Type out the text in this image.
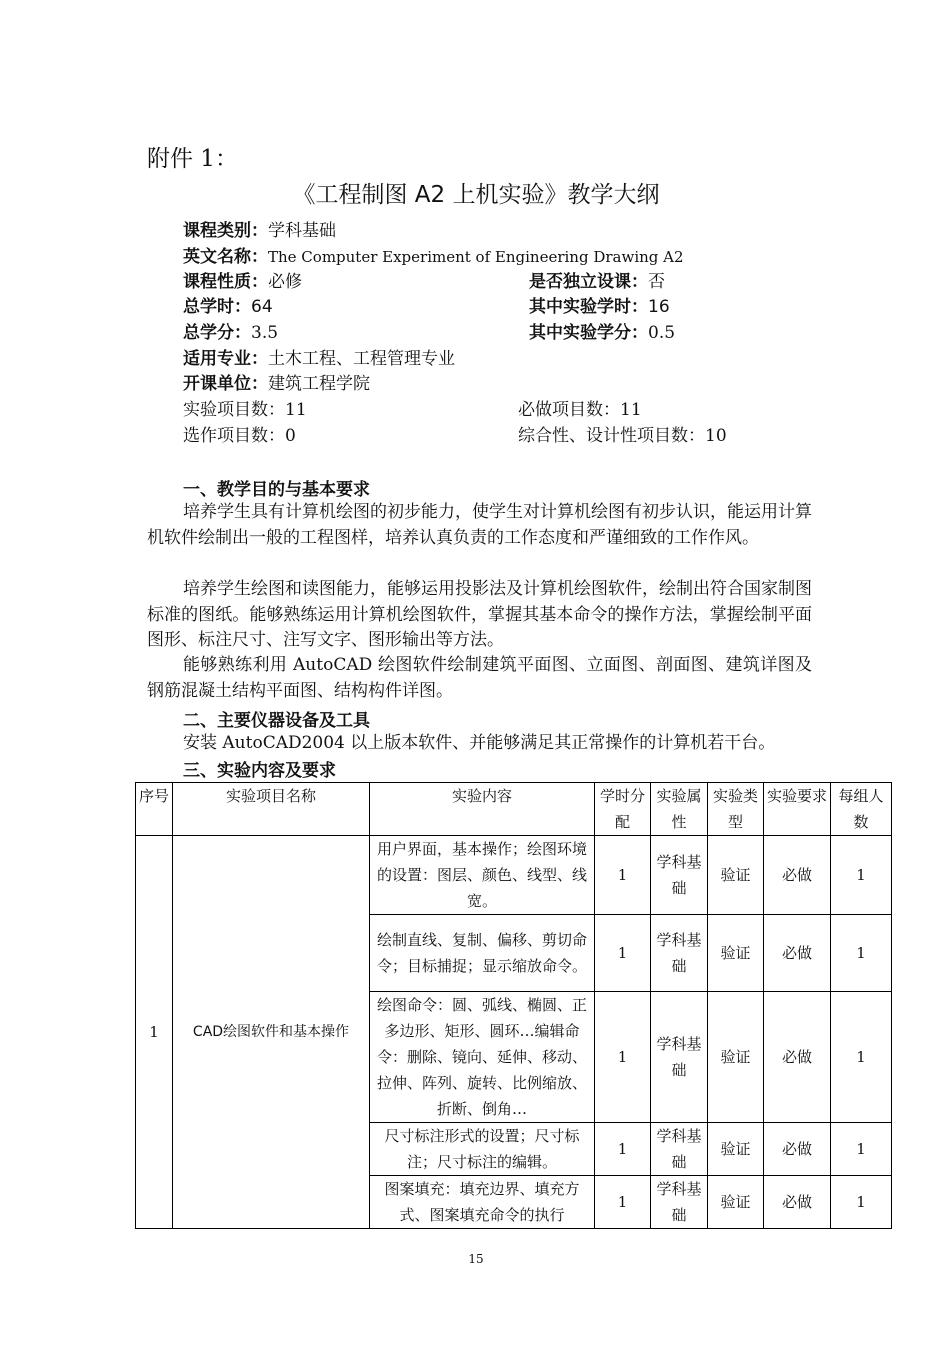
附件 1：
《工程制图 A2 上机实验》教学大纲
课程类别：学科基础
英文名称：The Computer Experiment of Engineering Drawing A2
课程性质：必修	是否独立设课：否
总学时：64	其中实验学时：16
总学分：3.5	其中实验学分：0.5
适用专业：土木工程、工程管理专业
开课单位：建筑工程学院
实验项目数：11	必做项目数：11
选作项目数：0	综合性、设计性项目数：10
一、教学目的与基本要求
培养学生具有计算机绘图的初步能力，使学生对计算机绘图有初步认识，能运用计算机软件绘制出一般的工程图样，培养认真负责的工作态度和严谨细致的工作作风。
培养学生绘图和读图能力，能够运用投影法及计算机绘图软件，绘制出符合国家制图标准的图纸。能够熟练运用计算机绘图软件，掌握其基本命令的操作方法，掌握绘制平面图形、标注尺寸、注写文字、图形输出等方法。
能够熟练利用 AutoCAD 绘图软件绘制建筑平面图、立面图、剖面图、建筑详图及钢筋混凝土结构平面图、结构构件详图。
二、主要仪器设备及工具
安装 AutoCAD2004 以上版本软件、并能够满足其正常操作的计算机若干台。
三、实验内容及要求
序号	实验项目名称	实验内容	学时分配	实验属性	实验类型	实验要求	每组人数
1	CAD绘图软件和基本操作	用户界面，基本操作；绘图环境的设置：图层、颜色、线型、线宽。	1	学科基础	验证	必做	1
		绘制直线、复制、偏移、剪切命令；目标捕捉；显示缩放命令。	1	学科基础	验证	必做	1
		绘图命令：圆、弧线、椭圆、正多边形、矩形、圆环…编辑命令：删除、镜向、延伸、移动、拉伸、阵列、旋转、比例缩放、折断、倒角…	1	学科基础	验证	必做	1
		尺寸标注形式的设置；尺寸标注；尺寸标注的编辑。	1	学科基础	验证	必做	1
		图案填充：填充边界、填充方式、图案填充命令的执行	1	学科基础	验证	必做	1
15
